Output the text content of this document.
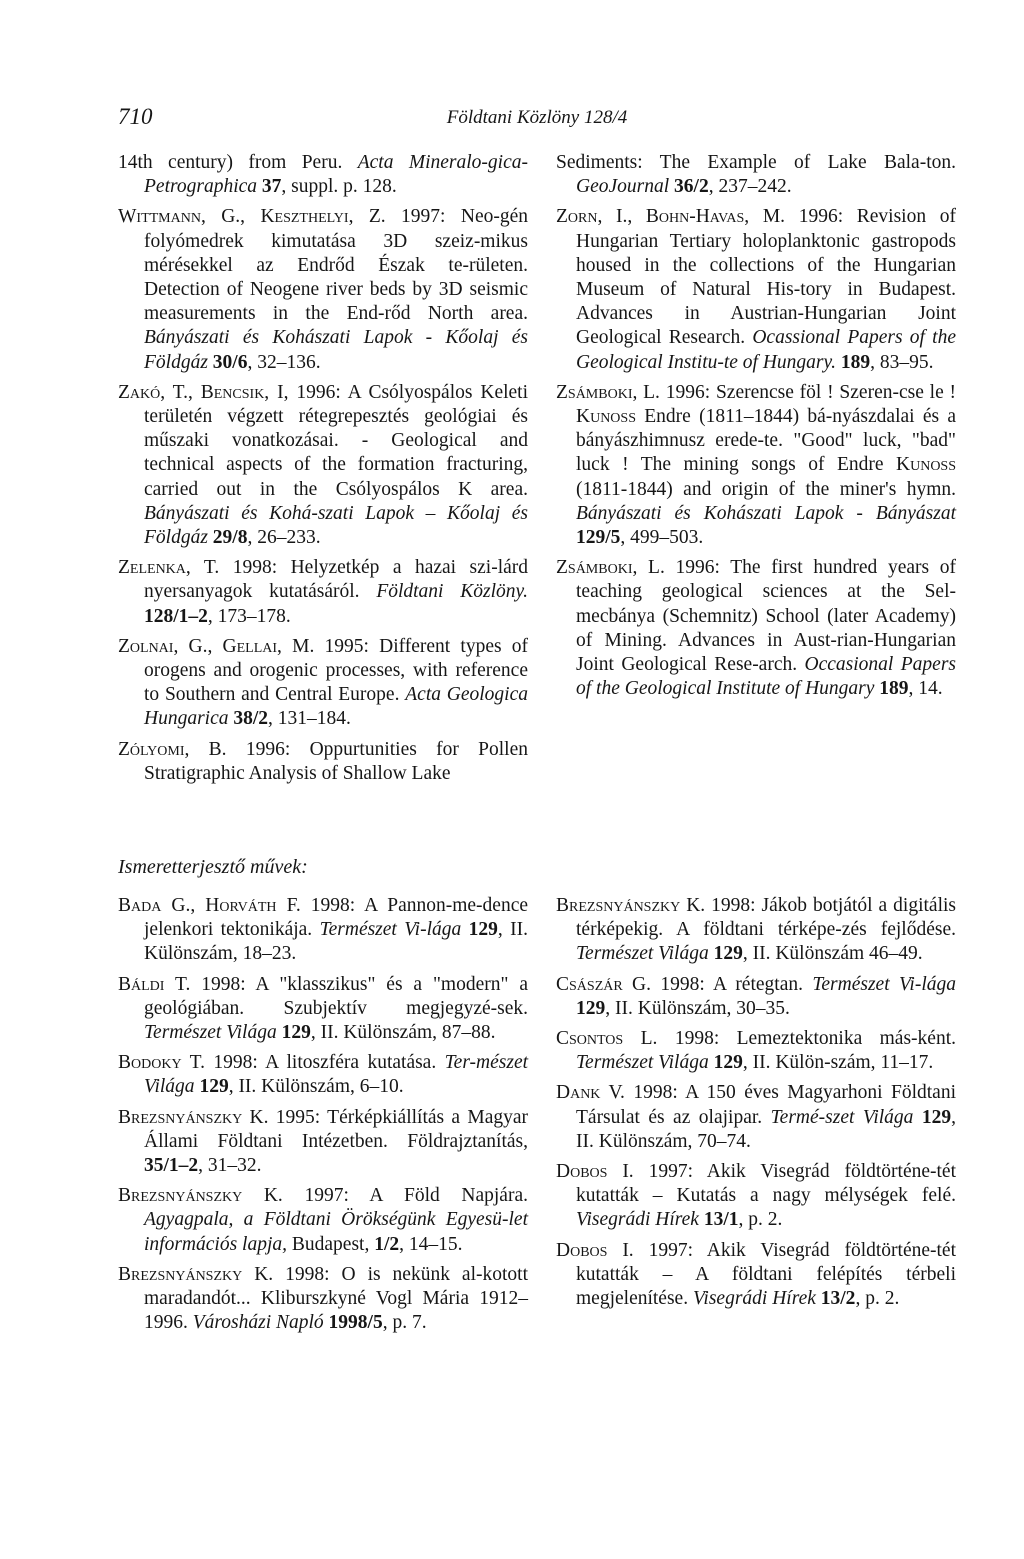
710	Földtani Közlöny 128/4

14th century) from Peru. Acta Mineralo-gica-Petrographica 37, suppl. p. 128.

Wittmann, G., Keszthelyi, Z. 1997: Neo-gén folyómedrek kimutatása 3D szeiz-mikus mérésekkel az Endrőd Észak te-rületen. Detection of Neogene river beds by 3D seismic measurements in the End-rőd North area. Bányászati és Kohászati Lapok - Kőolaj és Földgáz 30/6, 32–136.

Zakó, T., Bencsik, I, 1996: A Csólyospálos Keleti területén végzett rétegrepesztés geológiai és műszaki vonatkozásai. - Geological and technical aspects of the formation fracturing, carried out in the Csólyospálos K area. Bányászati és Kohá-szati Lapok – Kőolaj és Földgáz 29/8, 26–233.

Zelenka, T. 1998: Helyzetkép a hazai szi-lárd nyersanyagok kutatásáról. Földtani Közlöny. 128/1–2, 173–178.

Zolnai, G., Gellai, M. 1995: Different types of orogens and orogenic processes, with reference to Southern and Central Europe. Acta Geologica Hungarica 38/2, 131–184.

Zólyomi, B. 1996: Oppurtunities for Pollen Stratigraphic Analysis of Shallow Lake

Sediments: The Example of Lake Bala-ton. GeoJournal 36/2, 237–242.

Zorn, I., Bohn-Havas, M. 1996: Revision of Hungarian Tertiary holoplanktonic gastropods housed in the collections of the Hungarian Museum of Natural His-tory in Budapest. Advances in Austrian-Hungarian Joint Geological Research. Ocassional Papers of the Geological Institu-te of Hungary. 189, 83–95.

Zsámboki, L. 1996: Szerencse föl ! Szeren-cse le ! Kunoss Endre (1811–1844) bá-nyászdalai és a bányászhimnusz erede-te. "Good" luck, "bad" luck ! The mining songs of Endre Kunoss (1811-1844) and origin of the miner's hymn. Bányászati és Kohászati Lapok - Bányászat 129/5, 499–503.

Zsámboki, L. 1996: The first hundred years of teaching geological sciences at the Sel-mecbánya (Schemnitz) School (later Academy) of Mining. Advances in Aust-rian-Hungarian Joint Geological Rese-arch. Occasional Papers of the Geological Institute of Hungary 189, 14.

Ismeretterjesztő művek:

Bada G., Horváth F. 1998: A Pannon-me-dence jelenkori tektonikája. Természet Vi-lága 129, II. Különszám, 18–23.

Báldi T. 1998: A "klasszikus" és a "modern" a geológiában. Szubjektív megjegyzé-sek. Természet Világa 129, II. Különszám, 87–88.

Bodoky T. 1998: A litoszféra kutatása. Ter-mészet Világa 129, II. Különszám, 6–10.

Brezsnyánszky K. 1995: Térképkiállítás a Magyar Állami Földtani Intézetben. Földrajztanítás, 35/1–2, 31–32.

Brezsnyánszky K. 1997: A Föld Napjára. Agyagpala, a Földtani Örökségünk Egyesü-let információs lapja, Budapest, 1/2, 14–15.

Brezsnyánszky K. 1998: O is nekünk al-kotott maradandót... Kliburszkyné Vogl Mária 1912–1996. Városházi Napló 1998/5, p. 7.

Brezsnyánszky K. 1998: Jákob botjától a digitális térképekig. A földtani térképe-zés fejlődése. Természet Világa 129, II. Különszám 46–49.

Császár G. 1998: A rétegtan. Természet Vi-lága 129, II. Különszám, 30–35.

Csontos L. 1998: Lemeztektonika más-ként. Természet Világa 129, II. Külön-szám, 11–17.

Dank V. 1998: A 150 éves Magyarhoni Földtani Társulat és az olajipar. Termé-szet Világa 129, II. Különszám, 70–74.

Dobos I. 1997: Akik Visegrád földtörténe-tét kutatták – Kutatás a nagy mélységek felé. Visegrádi Hírek 13/1, p. 2.

Dobos I. 1997: Akik Visegrád földtörténe-tét kutatták – A földtani felépítés térbeli megjelenítése. Visegrádi Hírek 13/2, p. 2.
